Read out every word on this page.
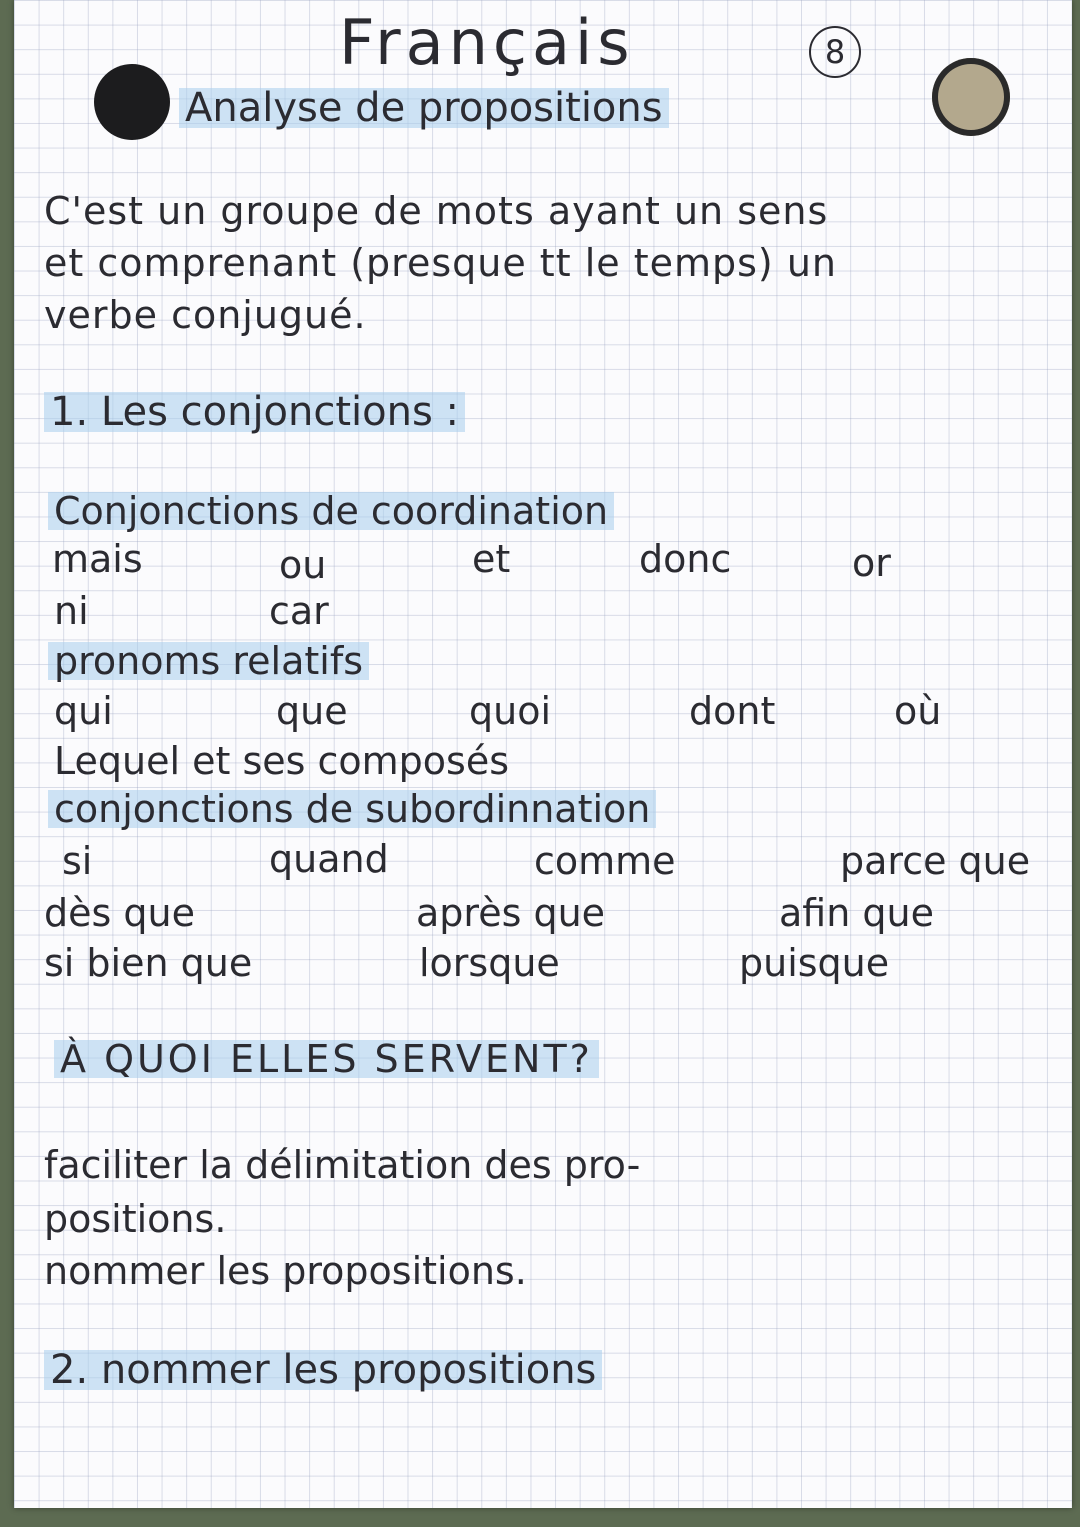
Français	8
Analyse de propositions
C'est un groupe de mots ayant un sens
et comprenant (presque tt le temps) un
verbe conjugué.
1. Les conjonctions :
Conjonctions de coordination
mais	ou	et	donc	or
ni	car
pronoms relatifs
qui	que	quoi	dont	où
Lequel et ses composés
conjonctions de subordinnation
si	quand	comme	parce que
dès que	après que	afin que
si bien que	lorsque	puisque
À QUOI ELLES SERVENT?
faciliter la délimitation des pro-
positions.
nommer les propositions.
2. nommer les propositions
